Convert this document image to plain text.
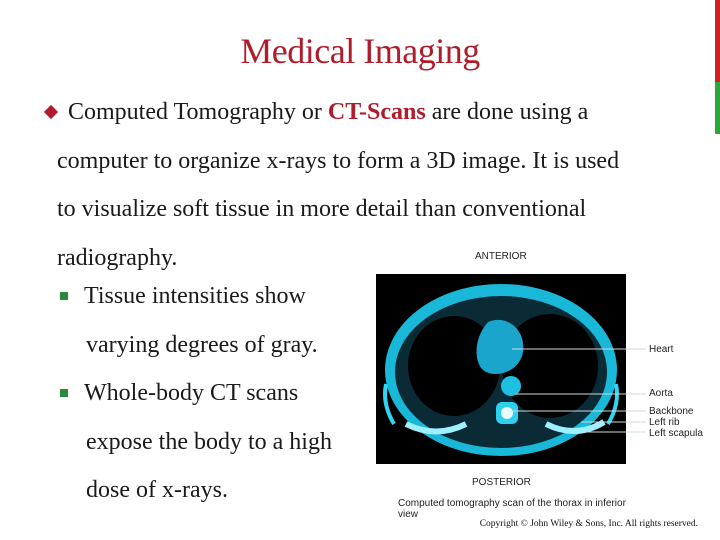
Medical Imaging
Computed Tomography or CT-Scans are done using a
computer to organize x-rays to form a 3D image. It is used
to visualize soft tissue in more detail than conventional
radiography.
Tissue intensities show
varying degrees of gray.
Whole-body CT scans
expose the body to a high
dose of x-rays.
ANTERIOR
Heart
Aorta
Backbone
Left rib
Left scapula
POSTERIOR
Computed tomography scan of the thorax in inferior view
Copyright © John Wiley & Sons, Inc. All rights reserved.
